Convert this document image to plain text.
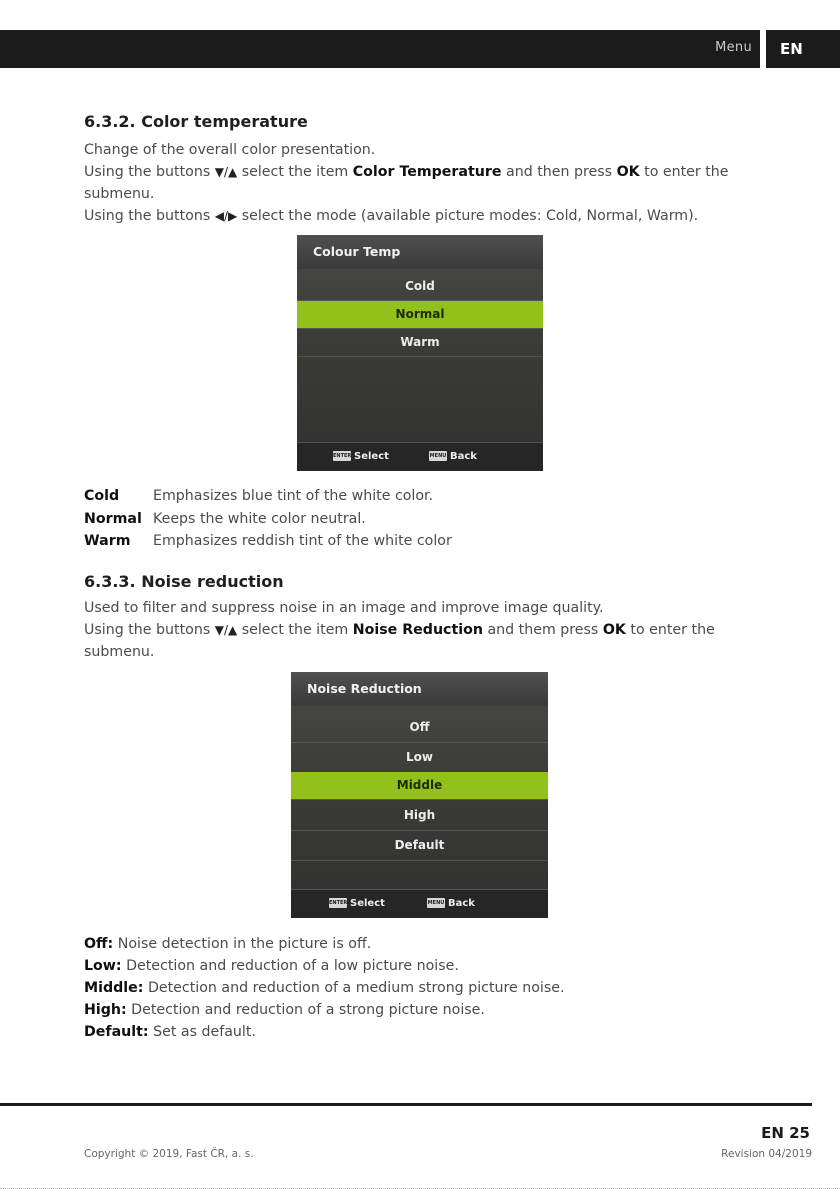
Menu	EN
6.3.2. Color temperature

Change of the overall color presentation.

Using the buttons ▼/▲ select the item Color Temperature and then press OK to enter the

submenu.

Using the buttons ◀/▶ select the mode (available picture modes: Cold, Normal, Warm).

Colour Temp
Cold
Normal
Warm
ENTER Select	MENU Back

Cold Emphasizes blue tint of the white color.

Normal Keeps the white color neutral.

Warm Emphasizes reddish tint of the white color

6.3.3. Noise reduction

Used to filter and suppress noise in an image and improve image quality.

Using the buttons ▼/▲ select the item Noise Reduction and them press OK to enter the

submenu.

Noise Reduction
Off
Low
Middle
High
Default
ENTER Select	MENU Back

Off: Noise detection in the picture is off.

Low: Detection and reduction of a low picture noise.

Middle: Detection and reduction of a medium strong picture noise.

High: Detection and reduction of a strong picture noise.

Default: Set as default.

EN 25
Copyright © 2019, Fast ČR, a. s.	Revision 04/2019
